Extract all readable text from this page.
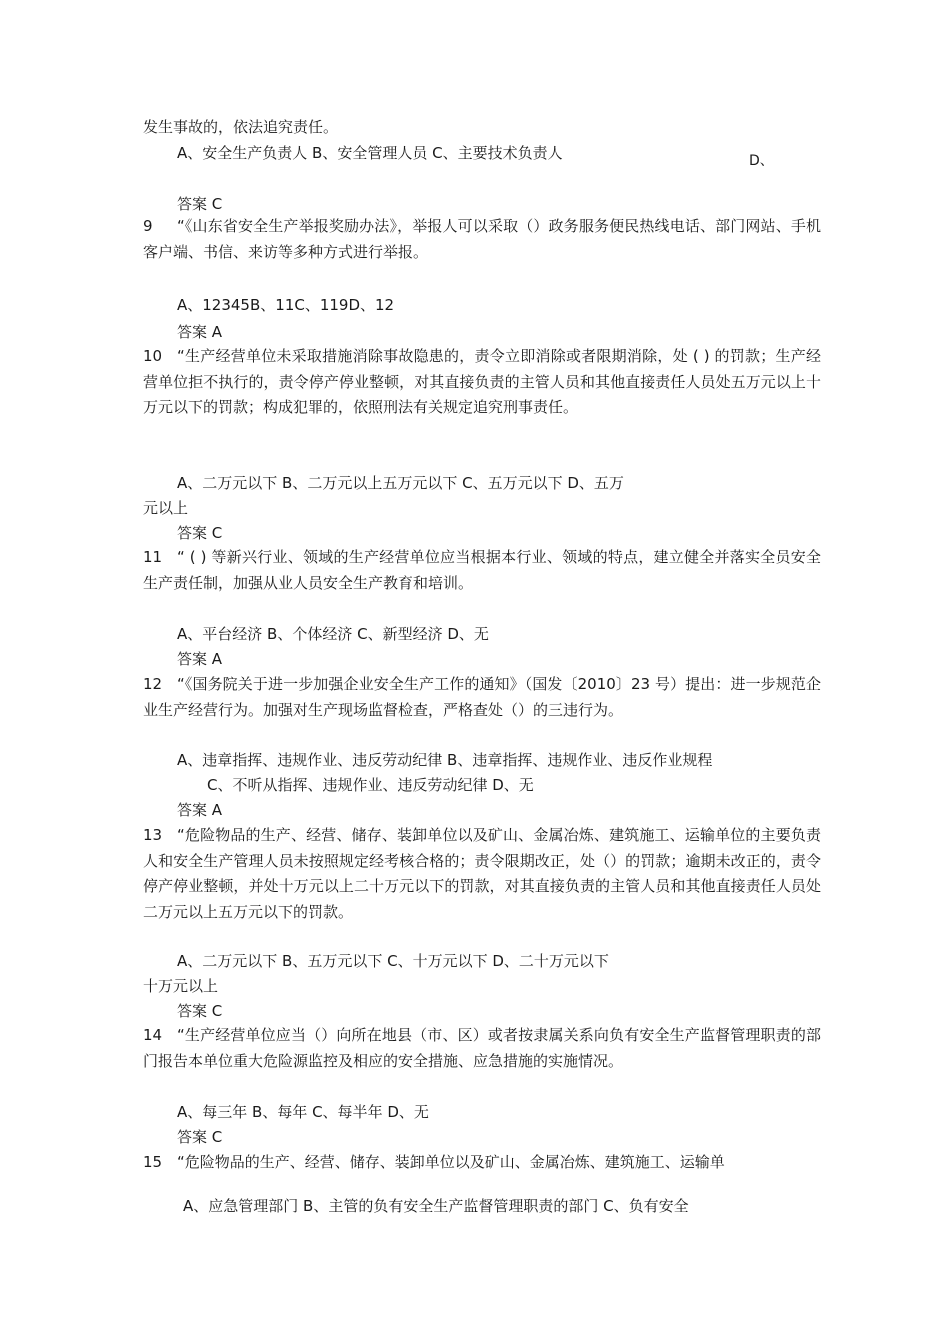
发生事故的，依法追究责任。
A、安全生产负责人 B、安全管理人员 C、主要技术负责人	D、
答案 C
9 “《山东省安全生产举报奖励办法》，举报人可以采取（）政务服务便民热线电话、部门网站、手机客户端、书信、来访等多种方式进行举报。
A、12345B、11C、119D、12
答案 A
10 “生产经营单位未采取措施消除事故隐患的，责令立即消除或者限期消除，处 ( ) 的罚款；生产经营单位拒不执行的，责令停产停业整顿，对其直接负责的主管人员和其他直接责任人员处五万元以上十万元以下的罚款；构成犯罪的，依照刑法有关规定追究刑事责任。
A、二万元以下 B、二万元以上五万元以下 C、五万元以下 D、五万
元以上
答案 C
11 “ ( ) 等新兴行业、领域的生产经营单位应当根据本行业、领域的特点，建立健全并落实全员安全生产责任制，加强从业人员安全生产教育和培训。
A、平台经济 B、个体经济 C、新型经济 D、无
答案 A
12 “《国务院关于进一步加强企业安全生产工作的通知》（国发〔2010〕23 号）提出：进一步规范企业生产经营行为。加强对生产现场监督检查，严格查处（）的三违行为。
A、违章指挥、违规作业、违反劳动纪律 B、违章指挥、违规作业、违反作业规程
C、不听从指挥、违规作业、违反劳动纪律 D、无
答案 A
13 “危险物品的生产、经营、储存、装卸单位以及矿山、金属冶炼、建筑施工、运输单位的主要负责人和安全生产管理人员未按照规定经考核合格的；责令限期改正，处（）的罚款；逾期未改正的，责令停产停业整顿，并处十万元以上二十万元以下的罚款，对其直接负责的主管人员和其他直接责任人员处二万元以上五万元以下的罚款。
A、二万元以下 B、五万元以下 C、十万元以下 D、二十万元以下
十万元以上
答案 C
14 “生产经营单位应当（）向所在地县（市、区）或者按隶属关系向负有安全生产监督管理职责的部门报告本单位重大危险源监控及相应的安全措施、应急措施的实施情况。
A、每三年 B、每年 C、每半年 D、无
答案 C
15 “危险物品的生产、经营、储存、装卸单位以及矿山、金属冶炼、建筑施工、运输单
A、应急管理部门 B、主管的负有安全生产监督管理职责的部门 C、负有安全
